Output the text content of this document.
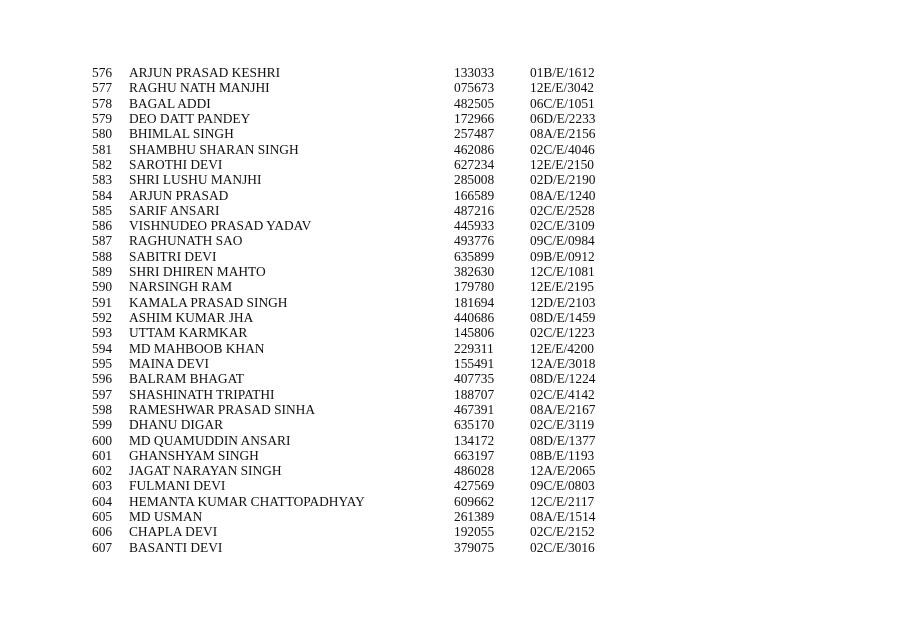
576 ARJUN PRASAD KESHRI	133033	01B/E/1612
577 RAGHU NATH MANJHI	075673	12E/E/3042
578 BAGAL ADDI	482505	06C/E/1051
579 DEO DATT PANDEY	172966	06D/E/2233
580 BHIMLAL SINGH	257487	08A/E/2156
581 SHAMBHU SHARAN SINGH	462086	02C/E/4046
582 SAROTHI DEVI	627234	12E/E/2150
583 SHRI LUSHU MANJHI	285008	02D/E/2190
584 ARJUN PRASAD	166589	08A/E/1240
585 SARIF ANSARI	487216	02C/E/2528
586 VISHNUDEO PRASAD YADAV	445933	02C/E/3109
587 RAGHUNATH SAO	493776	09C/E/0984
588 SABITRI DEVI	635899	09B/E/0912
589 SHRI DHIREN MAHTO	382630	12C/E/1081
590 NARSINGH RAM	179780	12E/E/2195
591 KAMALA PRASAD SINGH	181694	12D/E/2103
592 ASHIM KUMAR JHA	440686	08D/E/1459
593 UTTAM KARMKAR	145806	02C/E/1223
594 MD MAHBOOB KHAN	229311	12E/E/4200
595 MAINA DEVI	155491	12A/E/3018
596 BALRAM BHAGAT	407735	08D/E/1224
597 SHASHINATH TRIPATHI	188707	02C/E/4142
598 RAMESHWAR PRASAD SINHA	467391	08A/E/2167
599 DHANU DIGAR	635170	02C/E/3119
600 MD QUAMUDDIN ANSARI	134172	08D/E/1377
601 GHANSHYAM SINGH	663197	08B/E/1193
602 JAGAT NARAYAN SINGH	486028	12A/E/2065
603 FULMANI DEVI	427569	09C/E/0803
604 HEMANTA KUMAR CHATTOPADHYAY	609662	12C/E/2117
605 MD USMAN	261389	08A/E/1514
606 CHAPLA DEVI	192055	02C/E/2152
607 BASANTI DEVI	379075	02C/E/3016
